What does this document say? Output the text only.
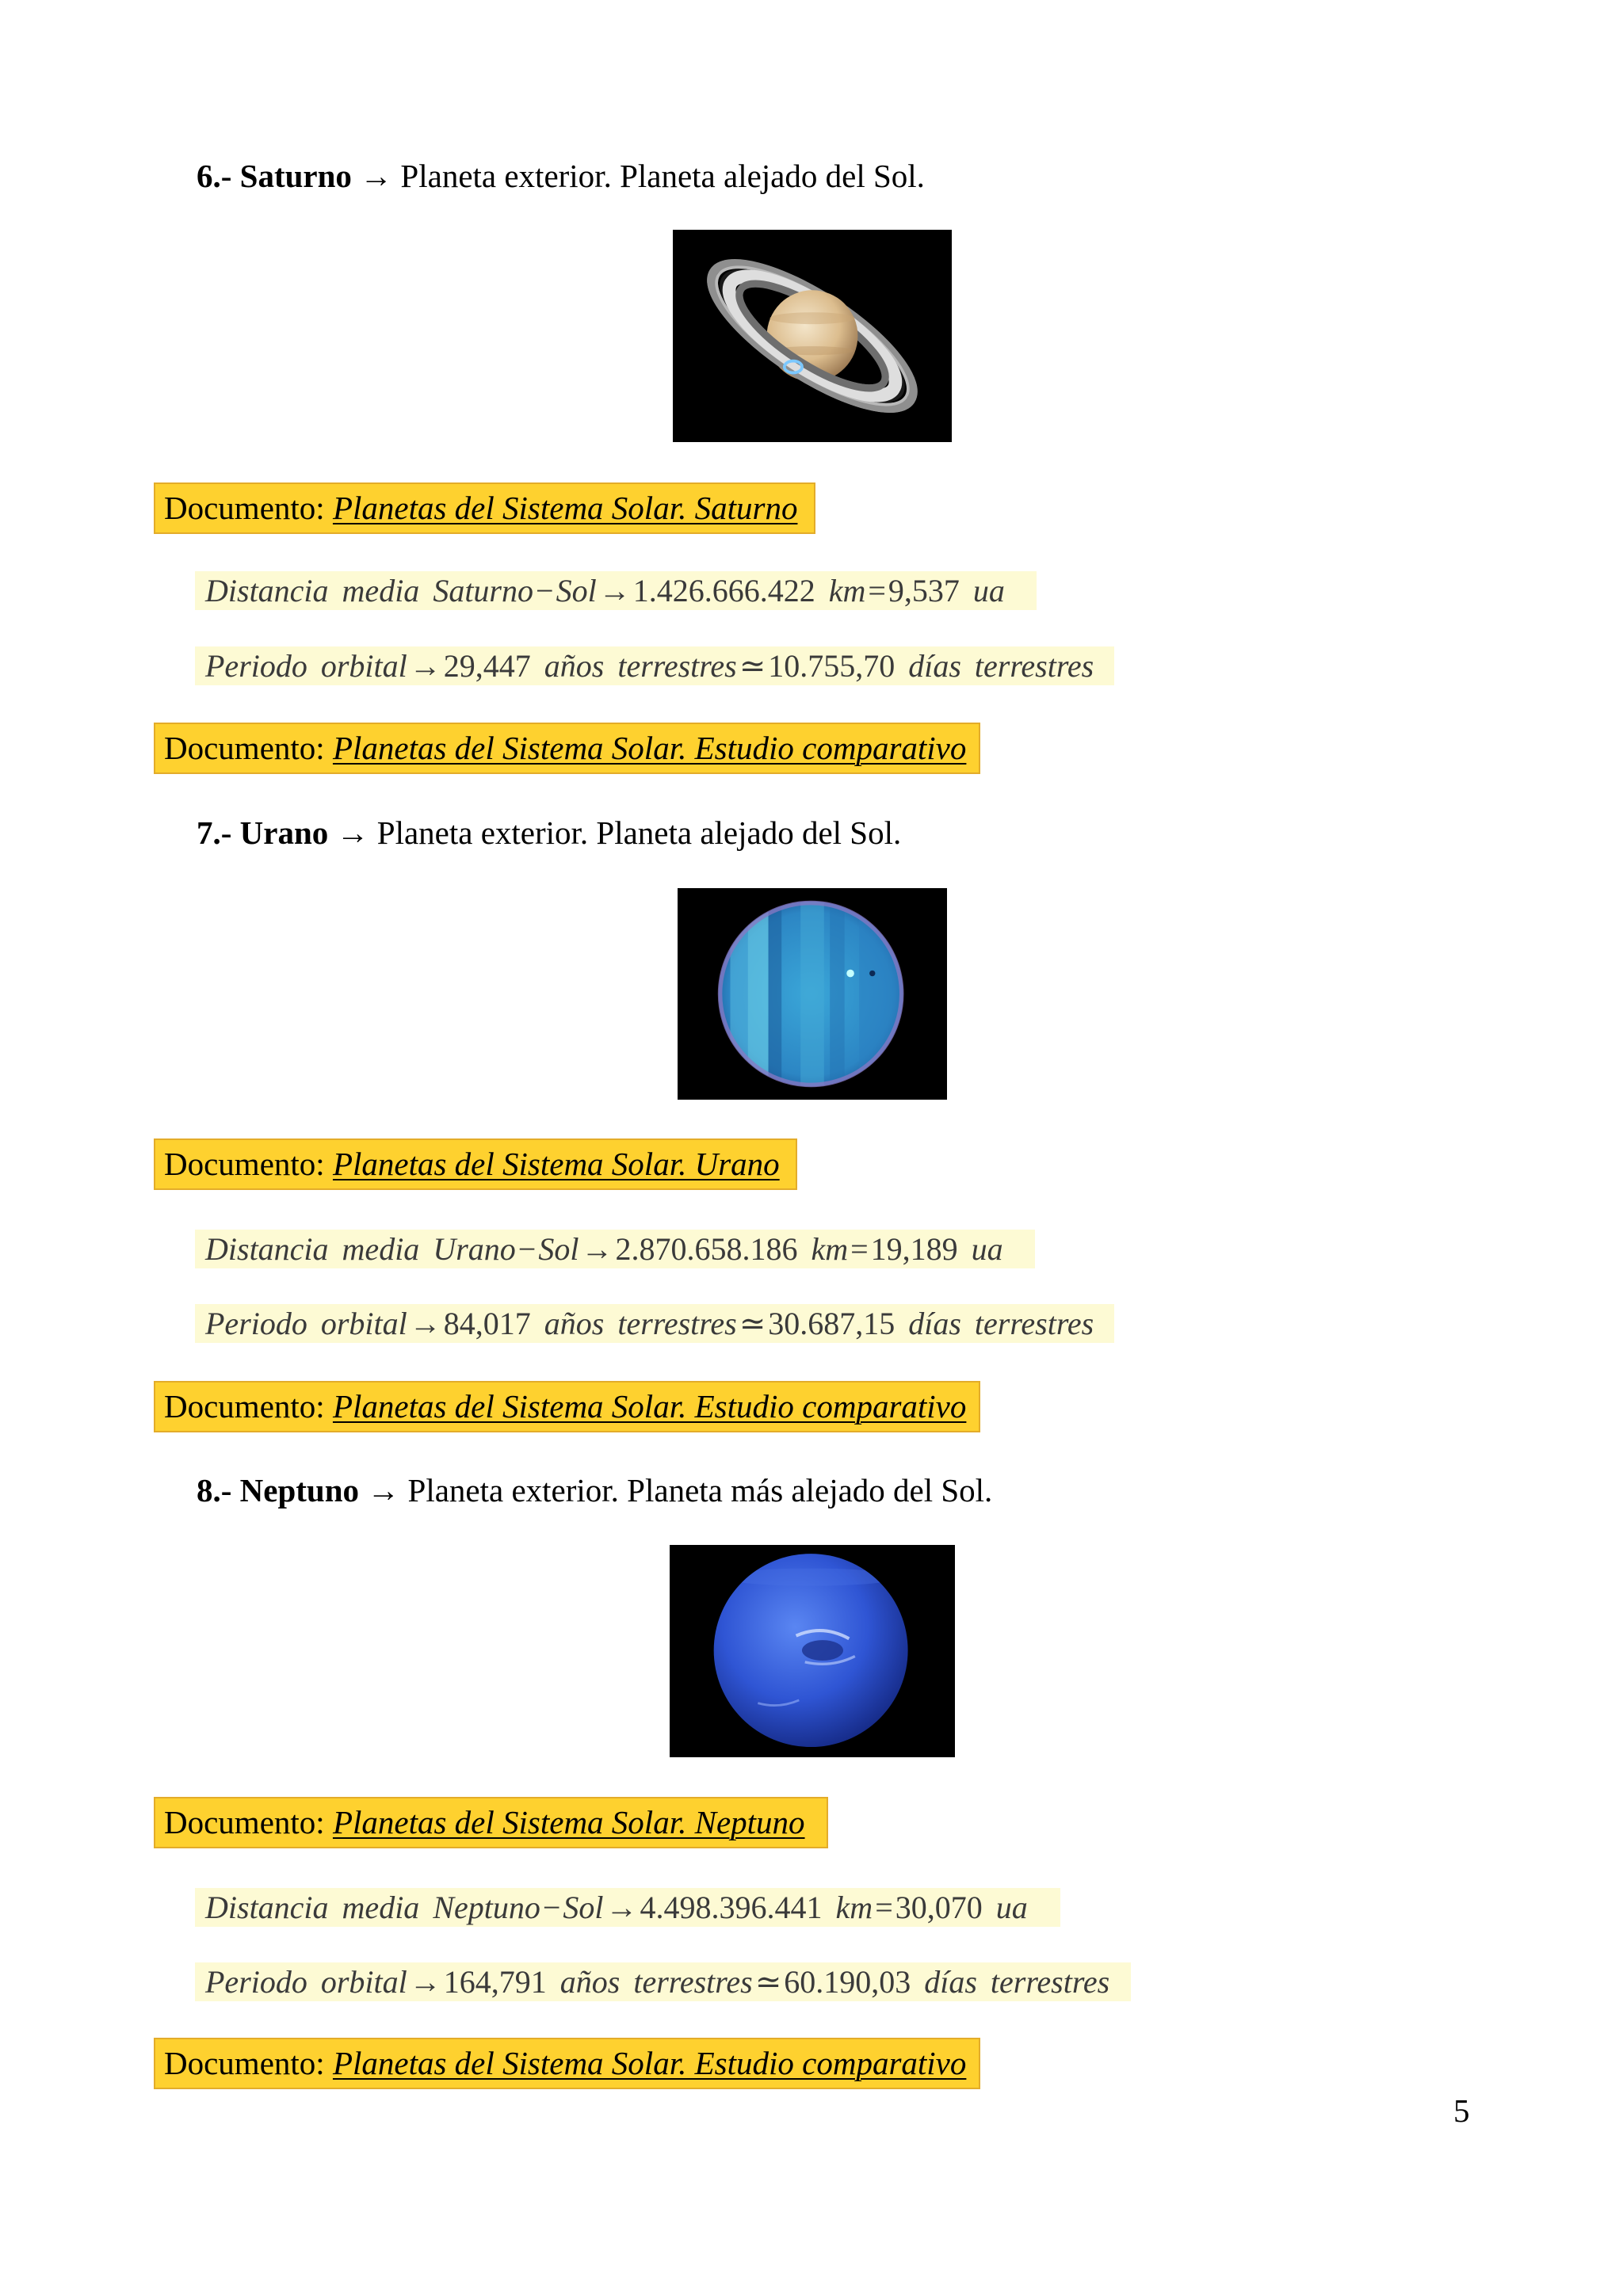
6.- Saturno → Planeta exterior. Planeta alejado del Sol.
Documento: Planetas del Sistema Solar. Saturno
Distancia media Saturno−Sol→1.426.666.422 km=9,537 ua
Periodo orbital→29,447 años terrestres≃10.755,70 días terrestres
Documento: Planetas del Sistema Solar. Estudio comparativo
7.- Urano → Planeta exterior. Planeta alejado del Sol.
Documento: Planetas del Sistema Solar. Urano
Distancia media Urano−Sol→2.870.658.186 km=19,189 ua
Periodo orbital→84,017 años terrestres≃30.687,15 días terrestres
Documento: Planetas del Sistema Solar. Estudio comparativo
8.- Neptuno → Planeta exterior. Planeta más alejado del Sol.
Documento: Planetas del Sistema Solar. Neptuno
Distancia media Neptuno−Sol→4.498.396.441 km=30,070 ua
Periodo orbital→164,791 años terrestres≃60.190,03 días terrestres
Documento: Planetas del Sistema Solar. Estudio comparativo
5
